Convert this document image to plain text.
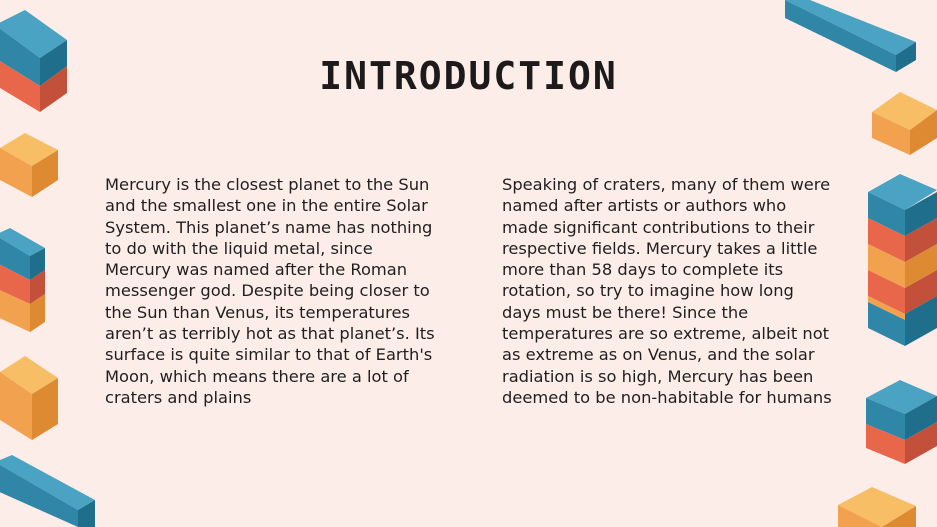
INTRODUCTION

Mercury is the closest planet to the Sun and the smallest one in the entire Solar System. This planet’s name has nothing to do with the liquid metal, since Mercury was named after the Roman messenger god. Despite being closer to the Sun than Venus, its temperatures aren’t as terribly hot as that planet’s. Its surface is quite similar to that of Earth's Moon, which means there are a lot of craters and plains

Speaking of craters, many of them were named after artists or authors who made significant contributions to their respective fields. Mercury takes a little more than 58 days to complete its rotation, so try to imagine how long days must be there! Since the temperatures are so extreme, albeit not as extreme as on Venus, and the solar radiation is so high, Mercury has been deemed to be non-habitable for humans
